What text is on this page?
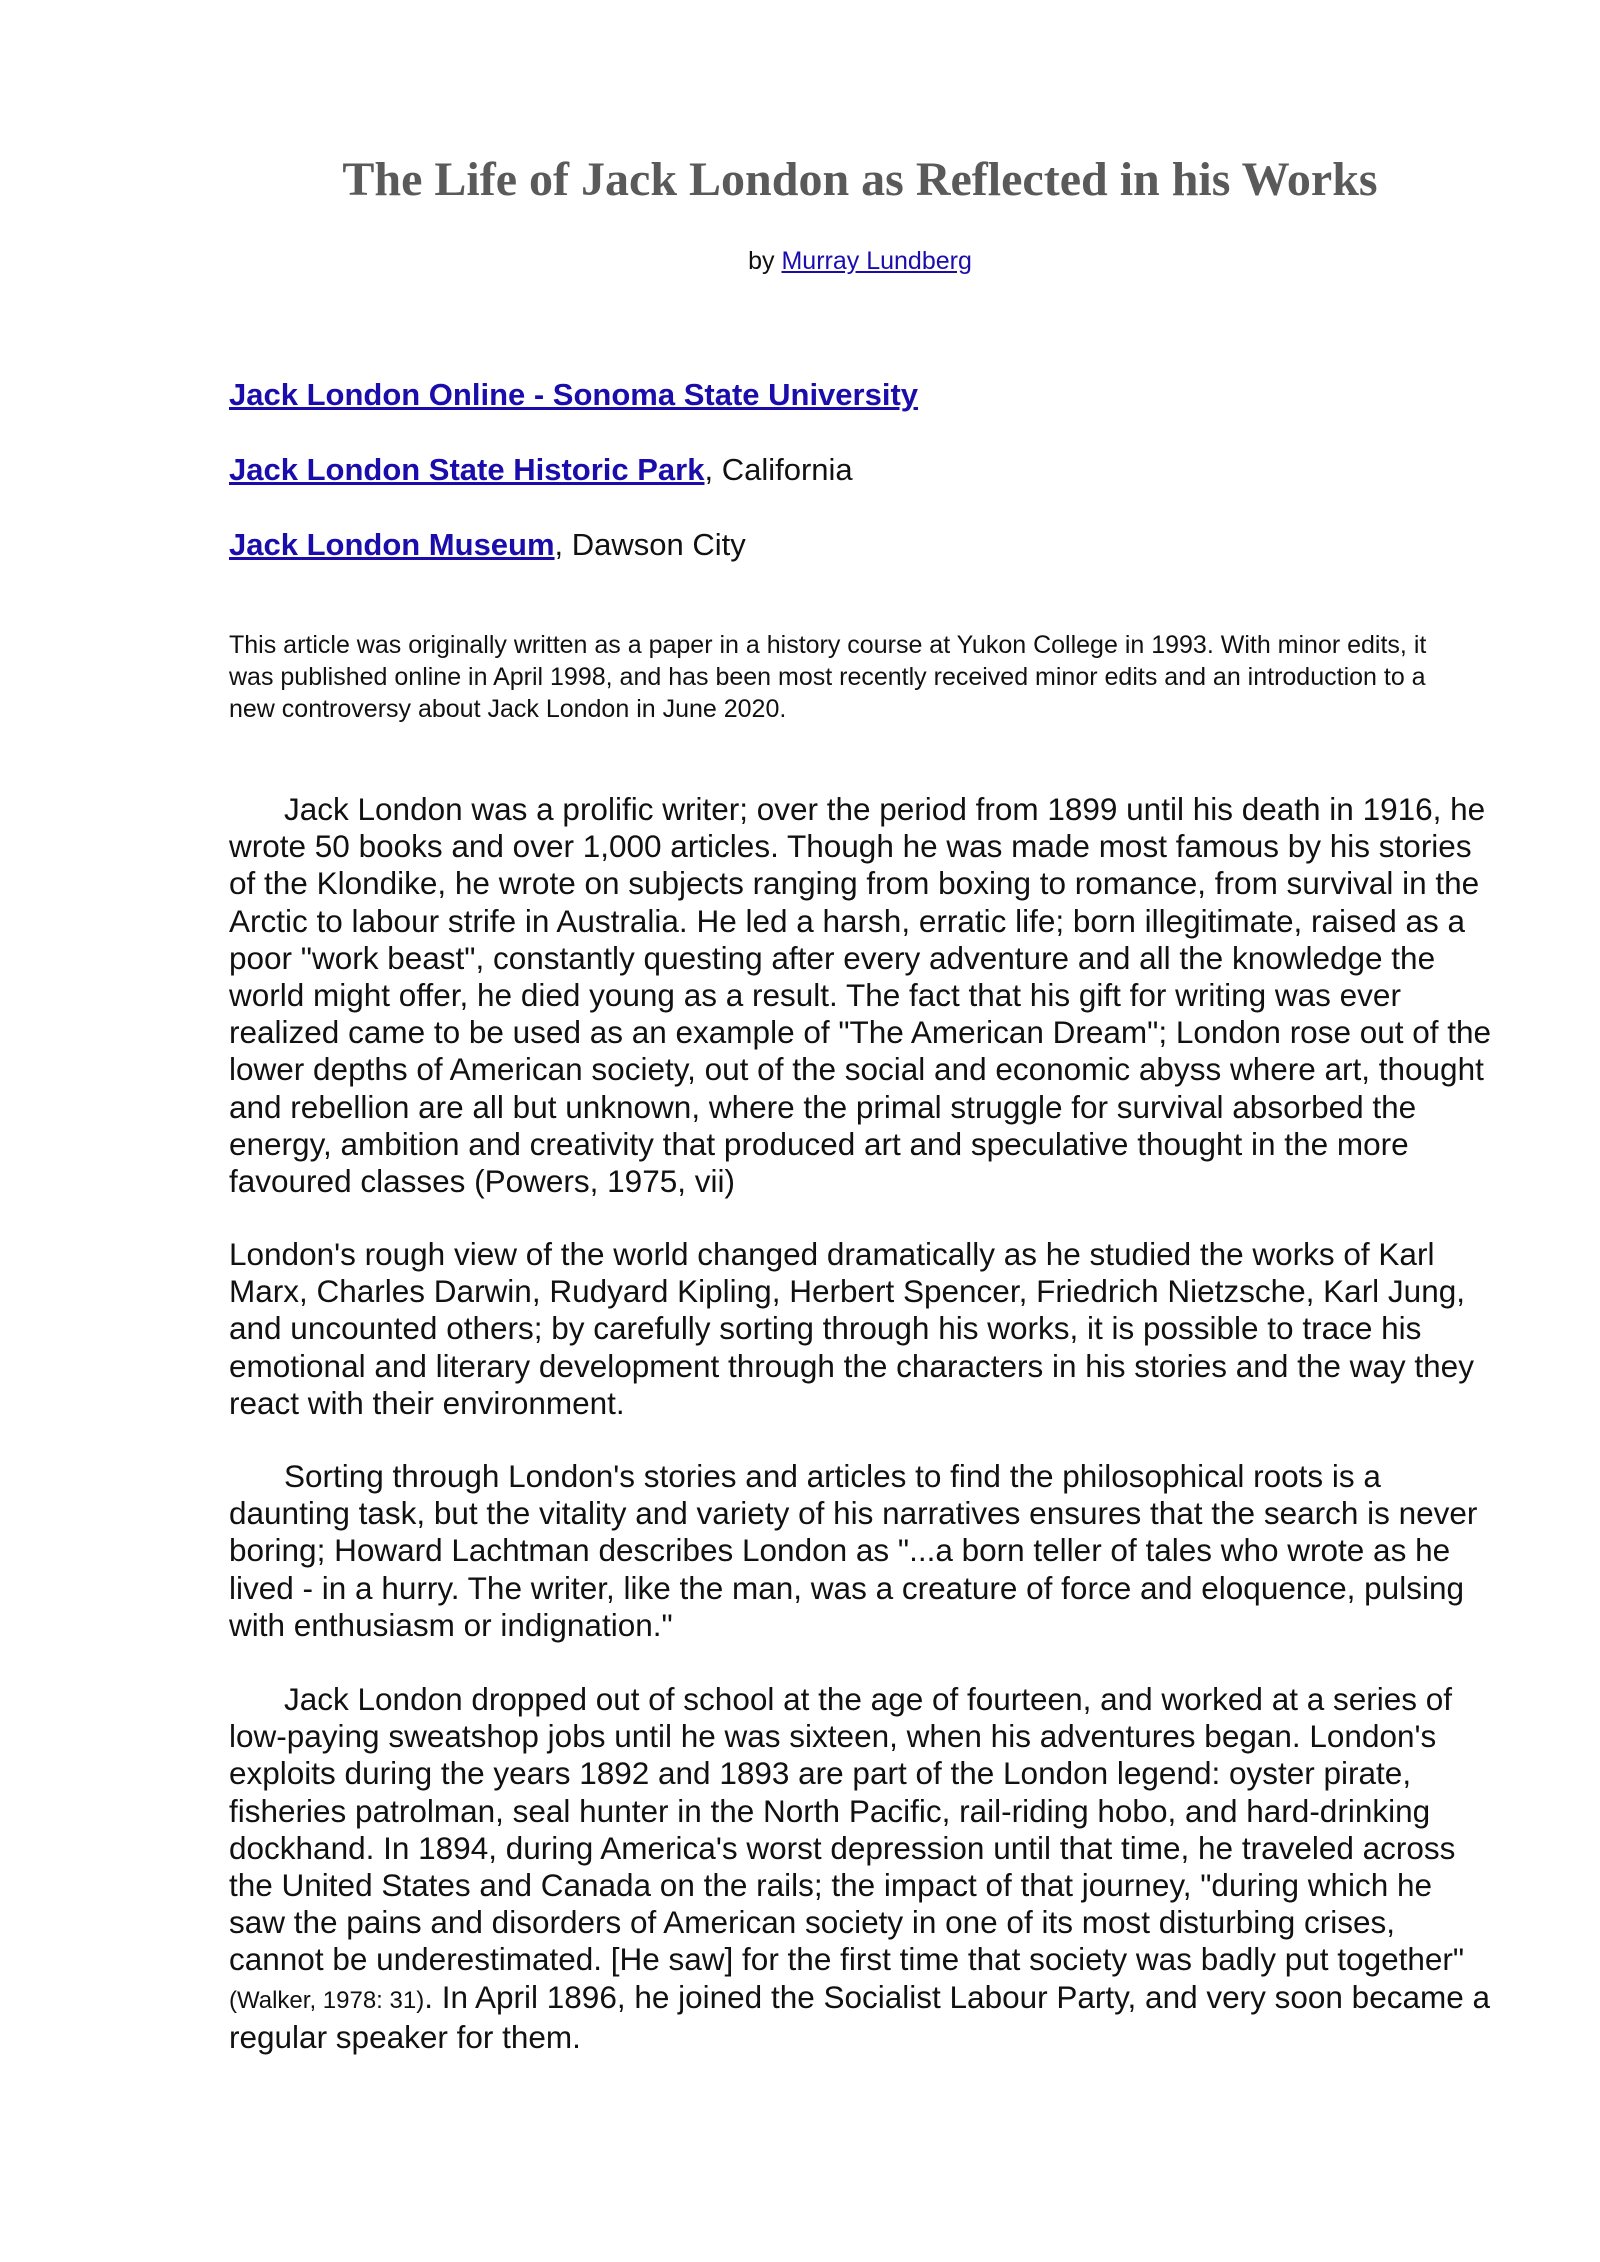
The Life of Jack London as Reflected in his Works
by Murray Lundberg
Jack London Online - Sonoma State University
Jack London State Historic Park, California
Jack London Museum, Dawson City

This article was originally written as a paper in a history course at Yukon College in 1993. With minor edits, it was published online in April 1998, and has been most recently received minor edits and an introduction to a new controversy about Jack London in June 2020.

Jack London was a prolific writer; over the period from 1899 until his death in 1916, he wrote 50 books and over 1,000 articles. Though he was made most famous by his stories of the Klondike, he wrote on subjects ranging from boxing to romance, from survival in the Arctic to labour strife in Australia. He led a harsh, erratic life; born illegitimate, raised as a poor "work beast", constantly questing after every adventure and all the knowledge the world might offer, he died young as a result. The fact that his gift for writing was ever realized came to be used as an example of "The American Dream"; London rose out of the lower depths of American society, out of the social and economic abyss where art, thought and rebellion are all but unknown, where the primal struggle for survival absorbed the energy, ambition and creativity that produced art and speculative thought in the more favoured classes (Powers, 1975, vii)

London's rough view of the world changed dramatically as he studied the works of Karl Marx, Charles Darwin, Rudyard Kipling, Herbert Spencer, Friedrich Nietzsche, Karl Jung, and uncounted others; by carefully sorting through his works, it is possible to trace his emotional and literary development through the characters in his stories and the way they react with their environment.

Sorting through London's stories and articles to find the philosophical roots is a daunting task, but the vitality and variety of his narratives ensures that the search is never boring; Howard Lachtman describes London as "...a born teller of tales who wrote as he lived - in a hurry. The writer, like the man, was a creature of force and eloquence, pulsing with enthusiasm or indignation."

Jack London dropped out of school at the age of fourteen, and worked at a series of low-paying sweatshop jobs until he was sixteen, when his adventures began. London's exploits during the years 1892 and 1893 are part of the London legend: oyster pirate, fisheries patrolman, seal hunter in the North Pacific, rail-riding hobo, and hard-drinking dockhand. In 1894, during America's worst depression until that time, he traveled across the United States and Canada on the rails; the impact of that journey, "during which he saw the pains and disorders of American society in one of its most disturbing crises, cannot be underestimated. [He saw] for the first time that society was badly put together" (Walker, 1978: 31). In April 1896, he joined the Socialist Labour Party, and very soon became a regular speaker for them.
